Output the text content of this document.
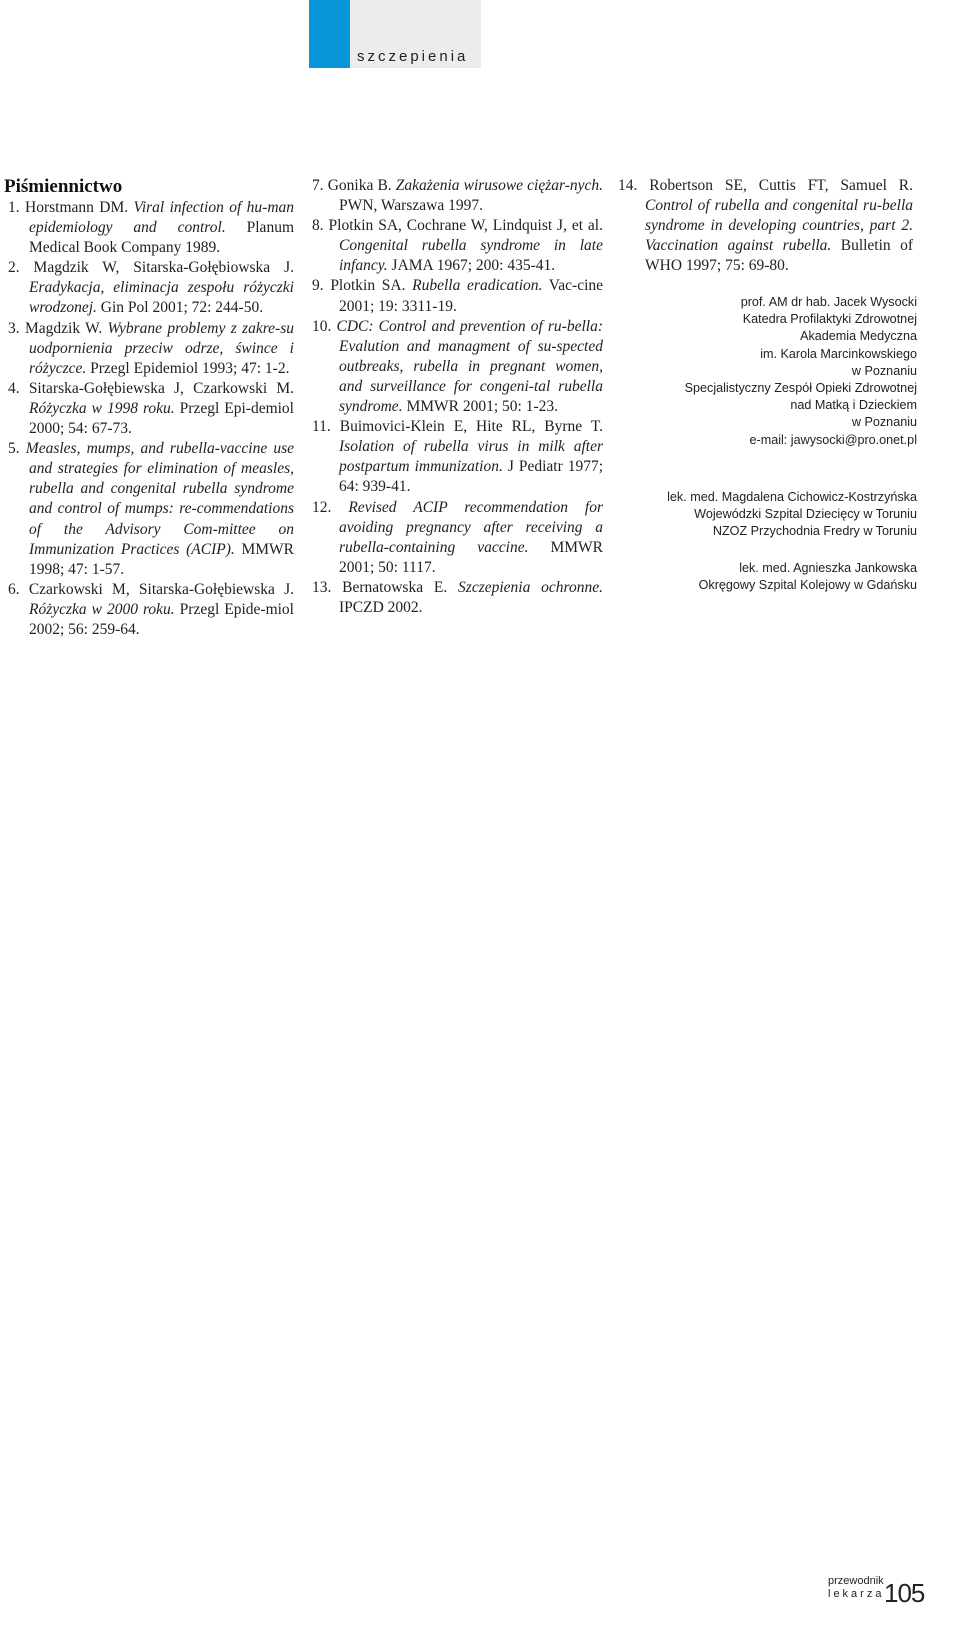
szczepienia
Piśmiennictwo
1. Horstmann DM. Viral infection of hu-man epidemiology and control. Planum Medical Book Company 1989.
2. Magdzik W, Sitarska-Gołębiowska J. Eradykacja, eliminacja zespołu różyczki wrodzonej. Gin Pol 2001; 72: 244-50.
3. Magdzik W. Wybrane problemy z zakre-su uodpornienia przeciw odrze, śwince i różyczce. Przegl Epidemiol 1993; 47: 1-2.
4. Sitarska-Gołębiewska J, Czarkowski M. Różyczka w 1998 roku. Przegl Epi-demiol 2000; 54: 67-73.
5. Measles, mumps, and rubella-vaccine use and strategies for elimination of measles, rubella and congenital rubella syndrome and control of mumps: re-commendations of the Advisory Com-mittee on Immunization Practices (ACIP). MMWR 1998; 47: 1-57.
6. Czarkowski M, Sitarska-Gołębiewska J. Różyczka w 2000 roku. Przegl Epide-miol 2002; 56: 259-64.
7. Gonika B. Zakażenia wirusowe ciężar-nych. PWN, Warszawa 1997.
8. Plotkin SA, Cochrane W, Lindquist J, et al. Congenital rubella syndrome in late infancy. JAMA 1967; 200: 435-41.
9. Plotkin SA. Rubella eradication. Vac-cine 2001; 19: 3311-19.
10. CDC: Control and prevention of ru-bella: Evalution and managment of su-spected outbreaks, rubella in pregnant women, and surveillance for congeni-tal rubella syndrome. MMWR 2001; 50: 1-23.
11. Buimovici-Klein E, Hite RL, Byrne T. Isolation of rubella virus in milk after postpartum immunization. J Pediatr 1977; 64: 939-41.
12. Revised ACIP recommendation for avoiding pregnancy after receiving a rubella-containing vaccine. MMWR 2001; 50: 1117.
13. Bernatowska E. Szczepienia ochronne. IPCZD 2002.
14. Robertson SE, Cuttis FT, Samuel R. Control of rubella and congenital ru-bella syndrome in developing countries, part 2. Vaccination against rubella. Bulletin of WHO 1997; 75: 69-80.
prof. AM dr hab. Jacek Wysocki
Katedra Profilaktyki Zdrowotnej
Akademia Medyczna
im. Karola Marcinkowskiego
w Poznaniu
Specjalistyczny Zespół Opieki Zdrowotnej
nad Matką i Dzieckiem
w Poznaniu
e-mail: jawysocki@pro.onet.pl
lek. med. Magdalena Cichowicz-Kostrzyńska
Wojewódzki Szpital Dziecięcy w Toruniu
NZOZ Przychodnia Fredry w Toruniu
lek. med. Agnieszka Jankowska
Okręgowy Szpital Kolejowy w Gdańsku
przewodnik
lekarza 105
